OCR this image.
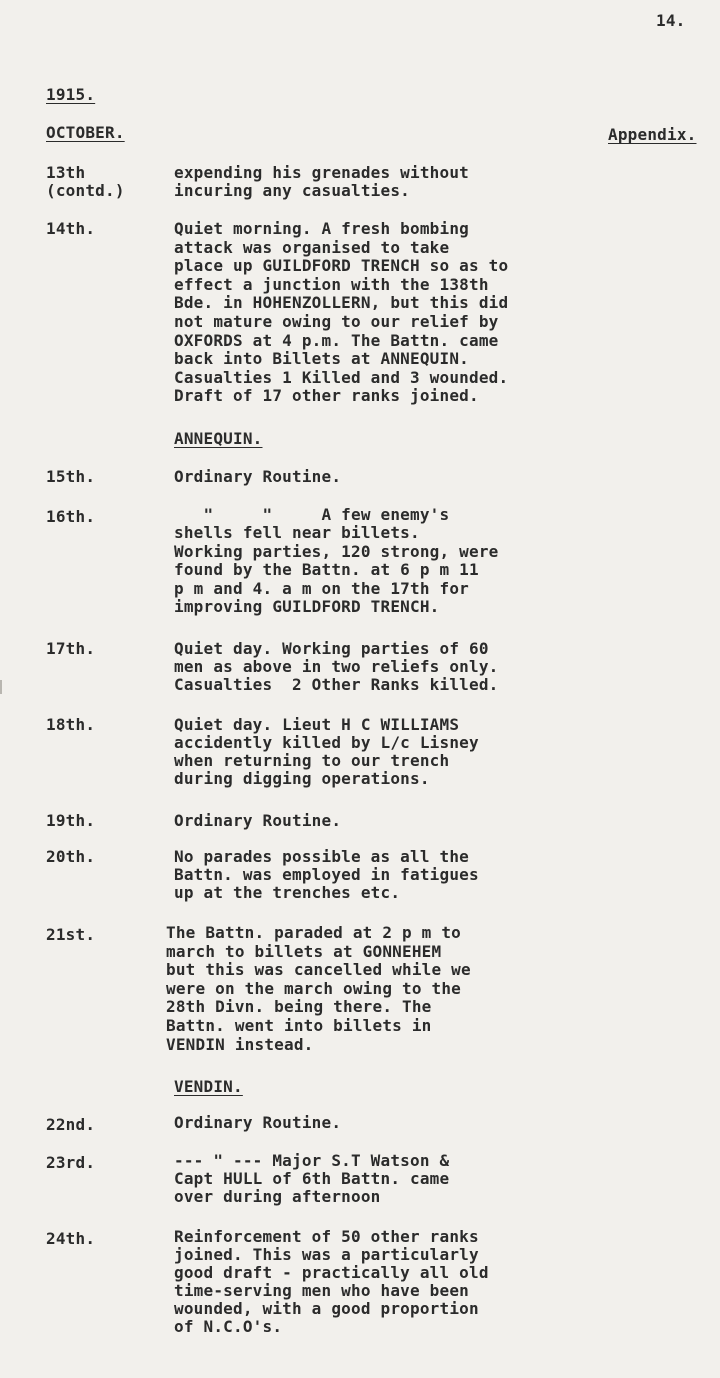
14.
1915.
OCTOBER.	Appendix.
13th
(contd.)
expending his grenades without
incuring any casualties.
14th.	Quiet morning. A fresh bombing
attack was organised to take
place up GUILDFORD TRENCH so as to
effect a junction with the 138th
Bde. in HOHENZOLLERN, but this did
not mature owing to our relief by
OXFORDS at 4 p.m. The Battn. came
back into Billets at ANNEQUIN.
Casualties 1 Killed and 3 wounded.
Draft of 17 other ranks joined.
ANNEQUIN.
15th.	Ordinary Routine.
16th.	"     "     A few enemy's
shells fell near billets.
Working parties, 120 strong, were
found by the Battn. at 6 p m 11
p m and 4. a m on the 17th for
improving GUILDFORD TRENCH.
17th.	Quiet day. Working parties of 60
men as above in two reliefs only.
Casualties  2 Other Ranks killed.
18th.	Quiet day. Lieut H C WILLIAMS
accidently killed by L/c Lisney
when returning to our trench
during digging operations.
19th.	Ordinary Routine.
20th.	No parades possible as all the
Battn. was employed in fatigues
up at the trenches etc.
21st.	The Battn. paraded at 2 p m to
march to billets at GONNEHEM
but this was cancelled while we
were on the march owing to the
28th Divn. being there. The
Battn. went into billets in
VENDIN instead.
VENDIN.
22nd.	Ordinary Routine.
23rd.	--- " --- Major S.T Watson &
Capt HULL of 6th Battn. came
over during afternoon
24th.	Reinforcement of 50 other ranks
joined. This was a particularly
good draft - practically all old
time-serving men who have been
wounded, with a good proportion
of N.C.O's.
